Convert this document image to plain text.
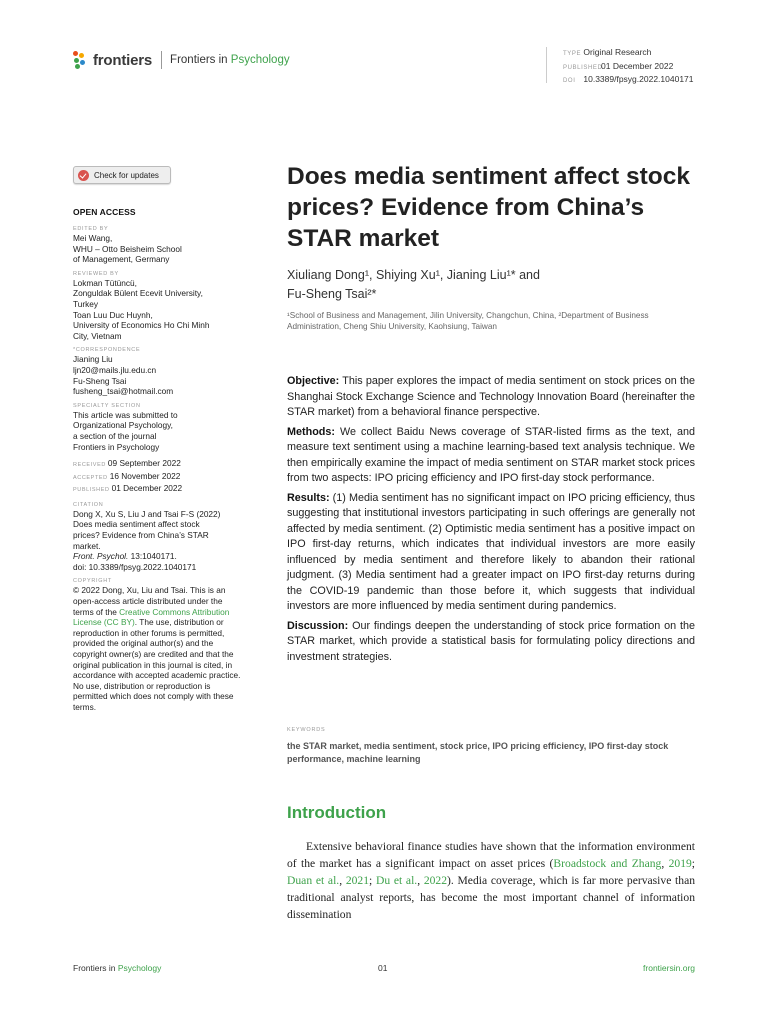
frontiers Frontiers in Psychology	TYPE Original Research
PUBLISHED01 December 2022
DOI 10.3389/fpsyg.2022.1040171
Check for updates
OPEN ACCESS
EDITED BY
Mei Wang,
WHU – Otto Beisheim School
of Management, Germany
REVIEWED BY
Lokman Tütüncü,
Zonguldak Bülent Ecevit University,
Turkey
Toan Luu Duc Huynh,
University of Economics Ho Chi Minh
City, Vietnam
*CORRESPONDENCE
Jianing Liu
ljn20@mails.jlu.edu.cn
Fu-Sheng Tsai
fusheng_tsai@hotmail.com
SPECIALTY SECTION
This article was submitted to
Organizational Psychology,
a section of the journal
Frontiers in Psychology
RECEIVED 09 September 2022
ACCEPTED 16 November 2022
PUBLISHED 01 December 2022
CITATION
Dong X, Xu S, Liu J and Tsai F-S (2022)
Does media sentiment affect stock
prices? Evidence from China’s STAR
market.
Front. Psychol. 13:1040171.
doi: 10.3389/fpsyg.2022.1040171
COPYRIGHT
© 2022 Dong, Xu, Liu and Tsai. This is an open-access article distributed under the terms of the Creative Commons Attribution License (CC BY). The use, distribution or reproduction in other forums is permitted, provided the original author(s) and the copyright owner(s) are credited and that the original publication in this journal is cited, in accordance with accepted academic practice. No use, distribution or reproduction is permitted which does not comply with these terms.
Does media sentiment affect stock prices? Evidence from China’s STAR market
Xiuliang Dong¹, Shiying Xu¹, Jianing Liu¹* and
Fu-Sheng Tsai²*
¹School of Business and Management, Jilin University, Changchun, China, ²Department of Business Administration, Cheng Shiu University, Kaohsiung, Taiwan

Objective: This paper explores the impact of media sentiment on stock prices on the Shanghai Stock Exchange Science and Technology Innovation Board (hereinafter the STAR market) from a behavioral finance perspective.

Methods: We collect Baidu News coverage of STAR-listed firms as the text, and measure text sentiment using a machine learning-based text analysis technique. We then empirically examine the impact of media sentiment on STAR market stock prices from two aspects: IPO pricing efficiency and IPO first-day stock performance.

Results: (1) Media sentiment has no significant impact on IPO pricing efficiency, thus suggesting that institutional investors participating in such offerings are generally not affected by media sentiment. (2) Optimistic media sentiment has a positive impact on IPO first-day returns, which indicates that individual investors are more easily influenced by media sentiment and therefore likely to abandon their rational judgment. (3) Media sentiment had a greater impact on IPO first-day returns during the COVID-19 pandemic than those before it, which suggests that individual investors are more influenced by media sentiment during pandemics.

Discussion: Our findings deepen the understanding of stock price formation on the STAR market, which provide a statistical basis for formulating policy directions and investment strategies.

KEYWORDS
the STAR market, media sentiment, stock price, IPO pricing efficiency, IPO first-day stock performance, machine learning
Introduction

Extensive behavioral finance studies have shown that the information environment of the market has a significant impact on asset prices (Broadstock and Zhang, 2019; Duan et al., 2021; Du et al., 2022). Media coverage, which is far more pervasive than traditional analyst reports, has become the most important channel of information dissemination

Frontiers in Psychology	01	frontiersin.org
